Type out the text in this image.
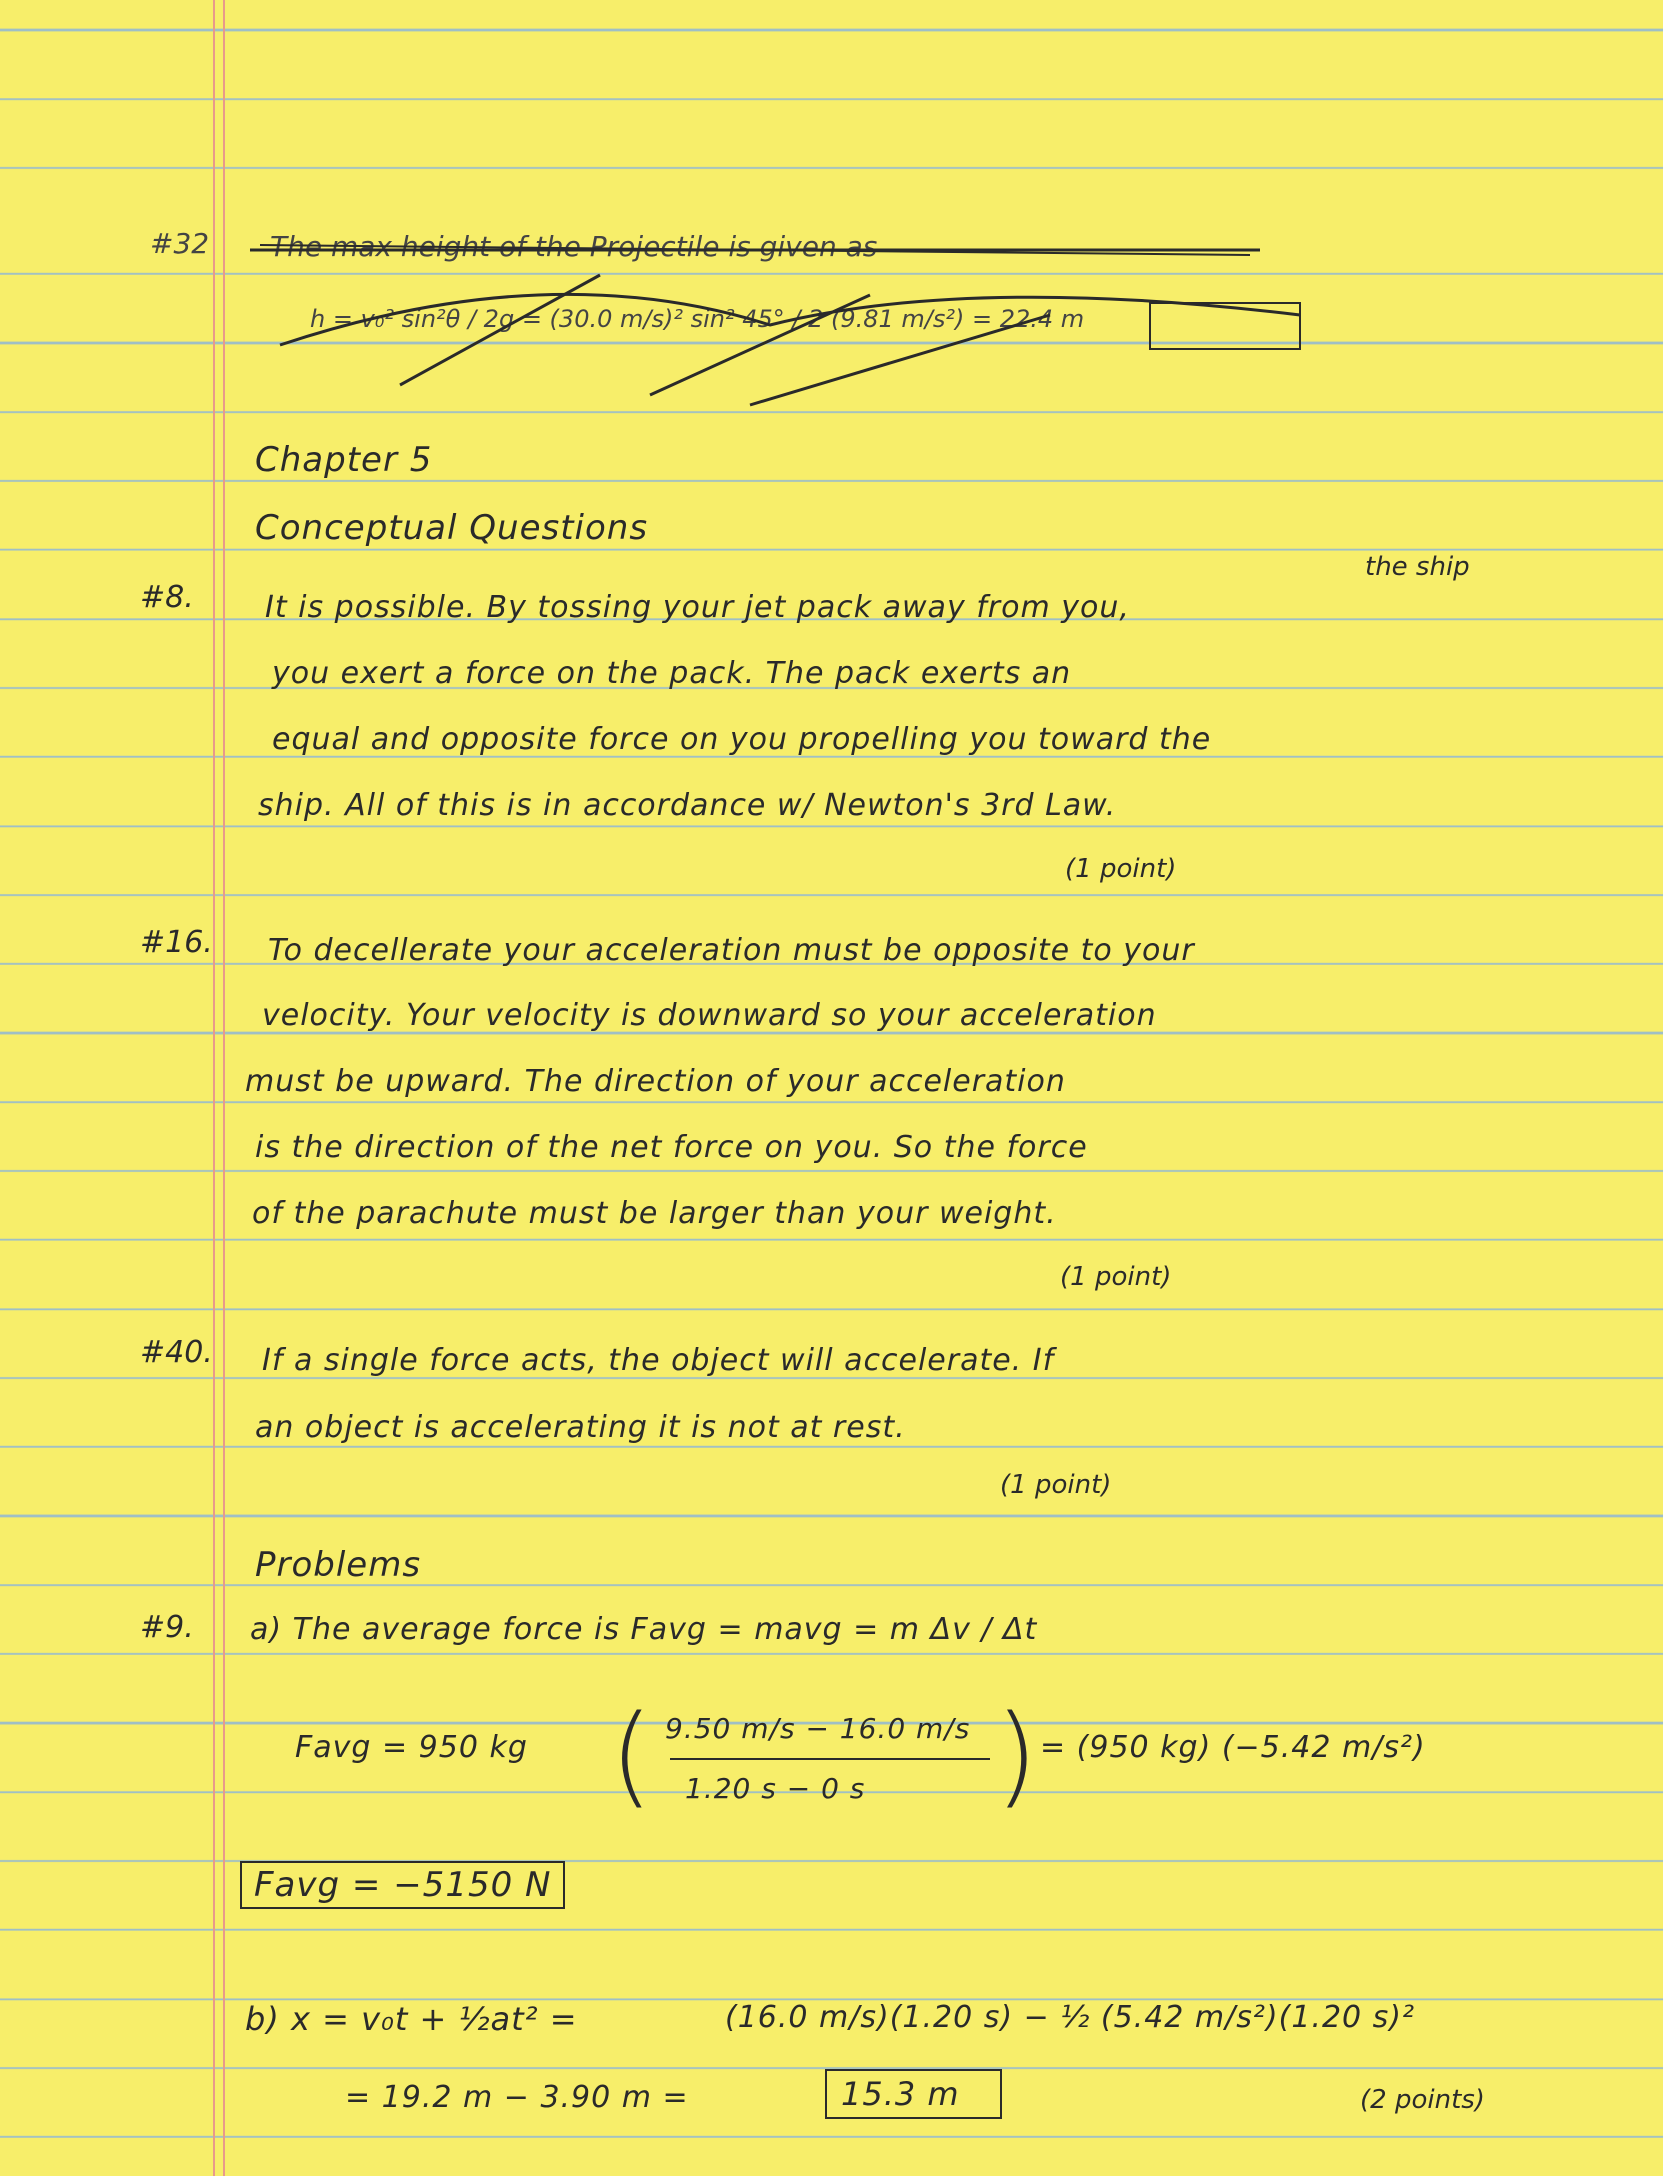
#32 The max height of the Projectile is given as
h = v₀² sin²θ / 2g = (30.0 m/s)² sin² 45° / 2 (9.81 m/s²) = 22.4 m
Chapter 5
Conceptual Questions
#8.
the ship
It is possible. By tossing your jet pack away from you,
you exert a force on the pack. The pack exerts an
equal and opposite force on you propelling you toward the
ship. All of this is in accordance w/ Newton's 3rd Law.
(1 point)
#16. To decellerate your acceleration must be opposite to your
velocity. Your velocity is downward so your acceleration
must be upward. The direction of your acceleration
is the direction of the net force on you. So the force
of the parachute must be larger than your weight.
(1 point)
#40. If a single force acts, the object will accelerate. If
an object is accelerating it is not at rest.
(1 point)
Problems
#9. a) The average force is Favg = mavg = m Δv / Δt
Favg = 950 kg ( 9.50 m/s − 16.0 m/s
1.20 s − 0 s ) = (950 kg) (−5.42 m/s²)
Favg = −5150 N
b) x = v₀t + ½at² =	(16.0 m/s)(1.20 s) − ½ (5.42 m/s²)(1.20 s)²
= 19.2 m − 3.90 m =	15.3 m	(2 points)
